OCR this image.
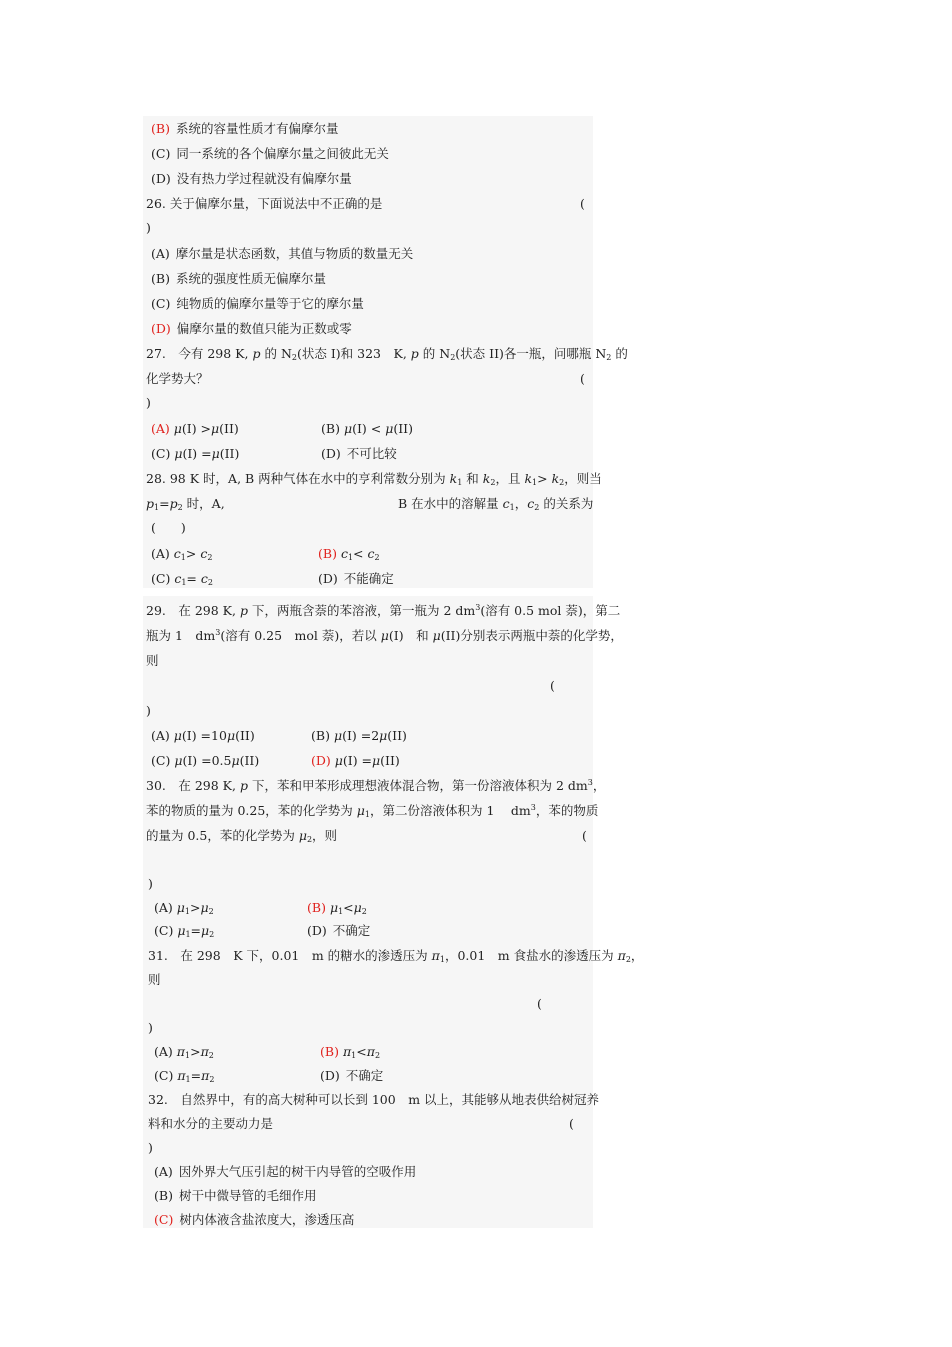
(B) 系统的容量性质才有偏摩尔量
(C) 同一系统的各个偏摩尔量之间彼此无关
(D) 没有热力学过程就没有偏摩尔量
26. 关于偏摩尔量，下面说法中不正确的是	(
)
(A) 摩尔量是状态函数，其值与物质的数量无关
(B) 系统的强度性质无偏摩尔量
(C) 纯物质的偏摩尔量等于它的摩尔量
(D) 偏摩尔量的数值只能为正数或零
27.　今有 298 K, p 的 $N_2$(状态 I)和 323　K, p 的 $N_2$(状态 II)各一瓶，问哪瓶 $N_2$ 的
化学势大？	(
)
(A) μ(I) >μ(II)	(B) μ(I) < μ(II)
(C) μ(I) =μ(II)	(D) 不可比较
28. 98 K 时，A, B 两种气体在水中的亨利常数分别为 $k_1$ 和 $k_2$，且 $k_1> k_2$，则当
$p_1=p_2$ 时，A,	B 在水中的溶解量 $c_1$，$c_2$ 的关系为
(　　)
(A) $c_1> c_2$	(B) $c_1< c_2$
(C) $c_1= c_2$	(D) 不能确定
29.　在 298 K, p 下，两瓶含萘的苯溶液，第一瓶为 2 $dm^3$(溶有 0.5 mol 萘)，第二
瓶为 1　$dm^3$(溶有 0.25　mol 萘)，若以 μ(I)　和 μ(II)分别表示两瓶中萘的化学势，
则
(
)
(A) μ(I) =10μ(II)	(B) μ(I) =2μ(II)
(C) μ(I) =0.5μ(II)	(D) μ(I) =μ(II)
30.　在 298 K, p 下，苯和甲苯形成理想液体混合物，第一份溶液体积为 2 $dm^3$，
苯的物质的量为 0.25，苯的化学势为 $\mu_1$，第二份溶液体积为 1　 $dm^3$，苯的物质
的量为 0.5，苯的化学势为 $\mu_2$，则	(
)
(A) $\mu_1>\mu_2$	(B) $\mu_1<\mu_2$
(C) $\mu_1=\mu_2$	(D) 不确定
31.　在 298　K 下，0.01　m 的糖水的渗透压为 $\pi_1$，0.01　m 食盐水的渗透压为 $\pi_2$，
则
(
)
(A) $\pi_1>\pi_2$	(B) $\pi_1<\pi_2$
(C) $\pi_1=\pi_2$	(D) 不确定
32.　自然界中，有的高大树种可以长到 100　m 以上，其能够从地表供给树冠养
料和水分的主要动力是	(
)
(A) 因外界大气压引起的树干内导管的空吸作用
(B) 树干中微导管的毛细作用
(C) 树内体液含盐浓度大，渗透压高
